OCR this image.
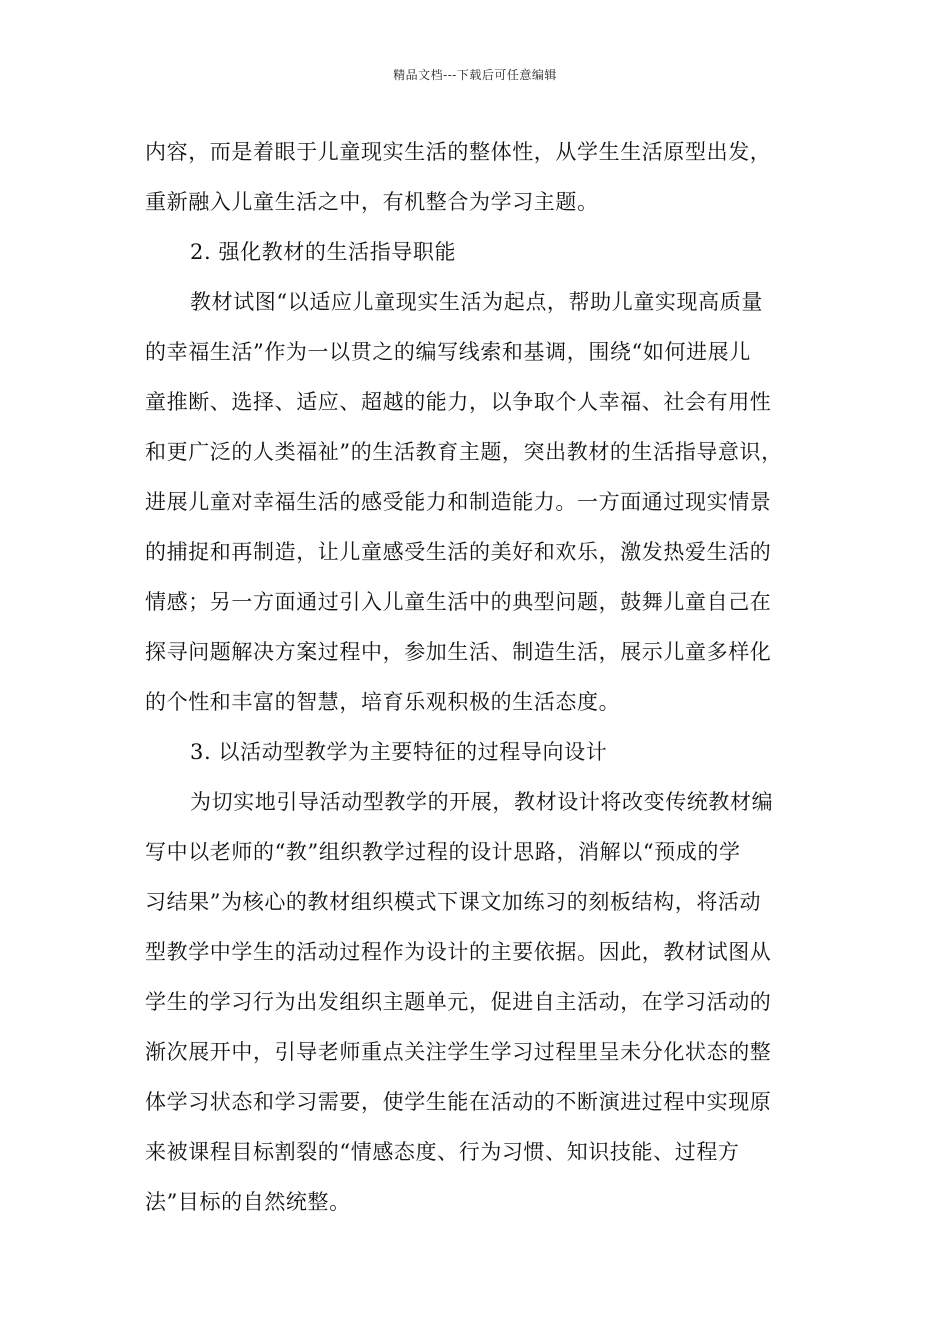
精品文档---下载后可任意编辑
内容，而是着眼于儿童现实生活的整体性，从学生生活原型出发，
重新融入儿童生活之中，有机整合为学习主题。
2. 强化教材的生活指导职能
教材试图“以适应儿童现实生活为起点，帮助儿童实现高质量
的幸福生活”作为一以贯之的编写线索和基调，围绕“如何进展儿
童推断、选择、适应、超越的能力，以争取个人幸福、社会有用性
和更广泛的人类福祉”的生活教育主题，突出教材的生活指导意识，
进展儿童对幸福生活的感受能力和制造能力。一方面通过现实情景
的捕捉和再制造，让儿童感受生活的美好和欢乐，激发热爱生活的
情感；另一方面通过引入儿童生活中的典型问题，鼓舞儿童自己在
探寻问题解决方案过程中，参加生活、制造生活，展示儿童多样化
的个性和丰富的智慧，培育乐观积极的生活态度。
3. 以活动型教学为主要特征的过程导向设计
为切实地引导活动型教学的开展，教材设计将改变传统教材编
写中以老师的“教”组织教学过程的设计思路，消解以“预成的学
习结果”为核心的教材组织模式下课文加练习的刻板结构，将活动
型教学中学生的活动过程作为设计的主要依据。因此，教材试图从
学生的学习行为出发组织主题单元，促进自主活动，在学习活动的
渐次展开中，引导老师重点关注学生学习过程里呈未分化状态的整
体学习状态和学习需要，使学生能在活动的不断演进过程中实现原
来被课程目标割裂的“情感态度、行为习惯、知识技能、过程方
法”目标的自然统整。
